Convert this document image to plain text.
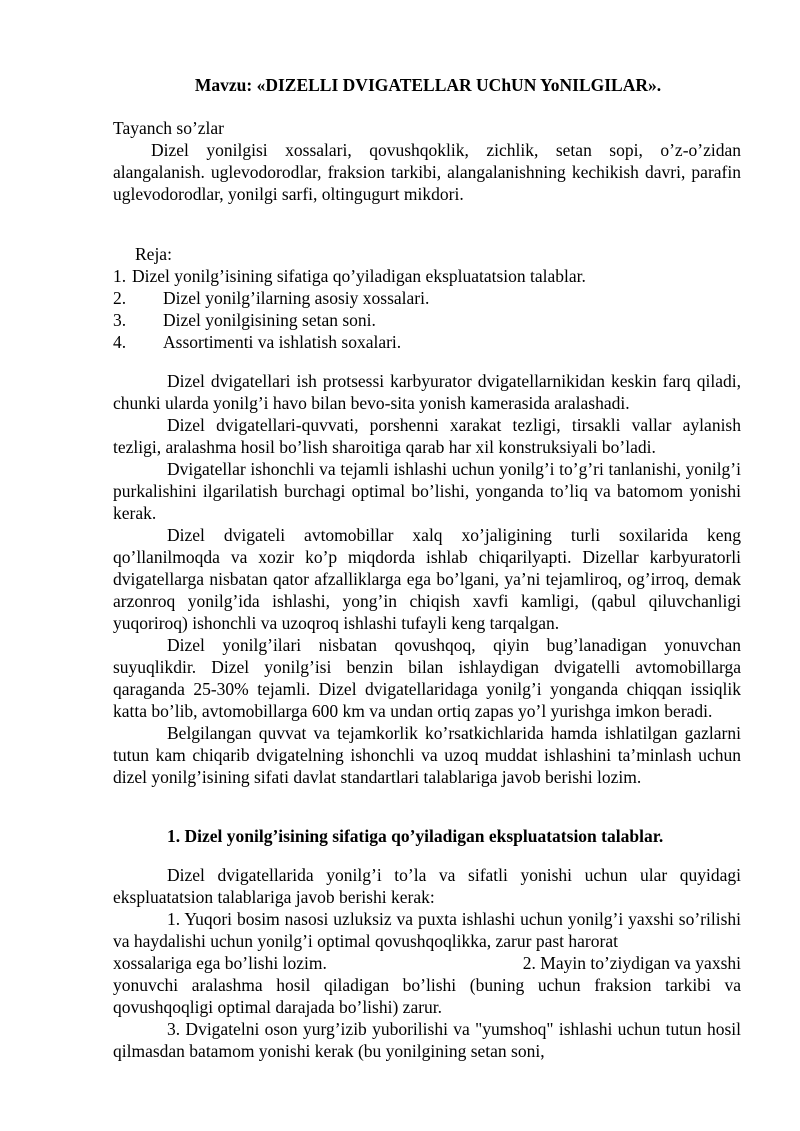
Mavzu: «DIZELLI DVIGATELLAR UChUN YoNILGILAR».
Tayanch so’zlar

Dizel yonilgisi xossalari, qovushqoklik, zichlik, setan sopi, o’z-o’zidan alangalanish. uglevodorodlar, fraksion tarkibi, alangalanishning kechikish davri, parafin uglevodorodlar, yonilgi sarfi, oltingugurt mikdori.

Reja:
1. Dizel yonilg’isining sifatiga qo’yiladigan ekspluatatsion talablar.
2.	Dizel yonilg’ilarning asosiy xossalari.
3.	Dizel yonilgisining setan soni.
4.	Assortimenti va ishlatish soxalari.

Dizel dvigatellari ish protsessi karbyurator dvigatellarnikidan keskin farq qiladi, chunki ularda yonilg’i havo bilan bevo-sita yonish kamerasida aralashadi.

Dizel dvigatellari-quvvati, porshenni xarakat tezligi, tirsakli vallar aylanish tezligi, aralashma hosil bo’lish sharoitiga qarab har xil konstruksiyali bo’ladi.

Dvigatellar ishonchli va tejamli ishlashi uchun yonilg’i to’g’ri tanlanishi, yonilg’i purkalishini ilgarilatish burchagi optimal bo’lishi, yonganda to’liq va batomom yonishi kerak.

Dizel dvigateli avtomobillar xalq xo’jaligining turli soxilarida keng qo’llanilmoqda va xozir ko’p miqdorda ishlab chiqarilyapti. Dizellar karbyuratorli dvigatellarga nisbatan qator afzalliklarga ega bo’lgani, ya’ni tejamliroq, og’irroq, demak arzonroq yonilg’ida ishlashi, yong’in chiqish xavfi kamligi, (qabul qiluvchanligi yuqoriroq) ishonchli va uzoqroq ishlashi tufayli keng tarqalgan.

Dizel yonilg’ilari nisbatan qovushqoq, qiyin bug’lanadigan yonuvchan suyuqlikdir. Dizel yonilg’isi benzin bilan ishlaydigan dvigatelli avtomobillarga qaraganda 25-30% tejamli. Dizel dvigatellaridaga yonilg’i yonganda chiqqan issiqlik katta bo’lib, avtomobillarga 600 km va undan ortiq zapas yo’l yurishga imkon beradi.

Belgilangan quvvat va tejamkorlik ko’rsatkichlarida hamda ishlatilgan gazlarni tutun kam chiqarib dvigatelning ishonchli va uzoq muddat ishlashini ta’minlash uchun dizel yonilg’isining sifati davlat standartlari talablariga javob berishi lozim.

1. Dizel yonilg’isining sifatiga qo’yiladigan ekspluatatsion talablar.

Dizel dvigatellarida yonilg’i to’la va sifatli yonishi uchun ular quyidagi ekspluatatsion talablariga javob berishi kerak:

1. Yuqori bosim nasosi uzluksiz va puxta ishlashi uchun yonilg’i yaxshi so’rilishi va haydalishi uchun yonilg’i optimal qovushqoqlikka, zarur past harorat

xossalariga ega bo’lishi lozim.	2. Mayin to’ziydigan va yaxshi

yonuvchi aralashma hosil qiladigan bo’lishi (buning uchun fraksion tarkibi va qovushqoqligi optimal darajada bo’lishi) zarur.

3. Dvigatelni oson yurg’izib yuborilishi va "yumshoq" ishlashi uchun tutun hosil qilmasdan batamom yonishi kerak (bu yonilgining setan soni,
